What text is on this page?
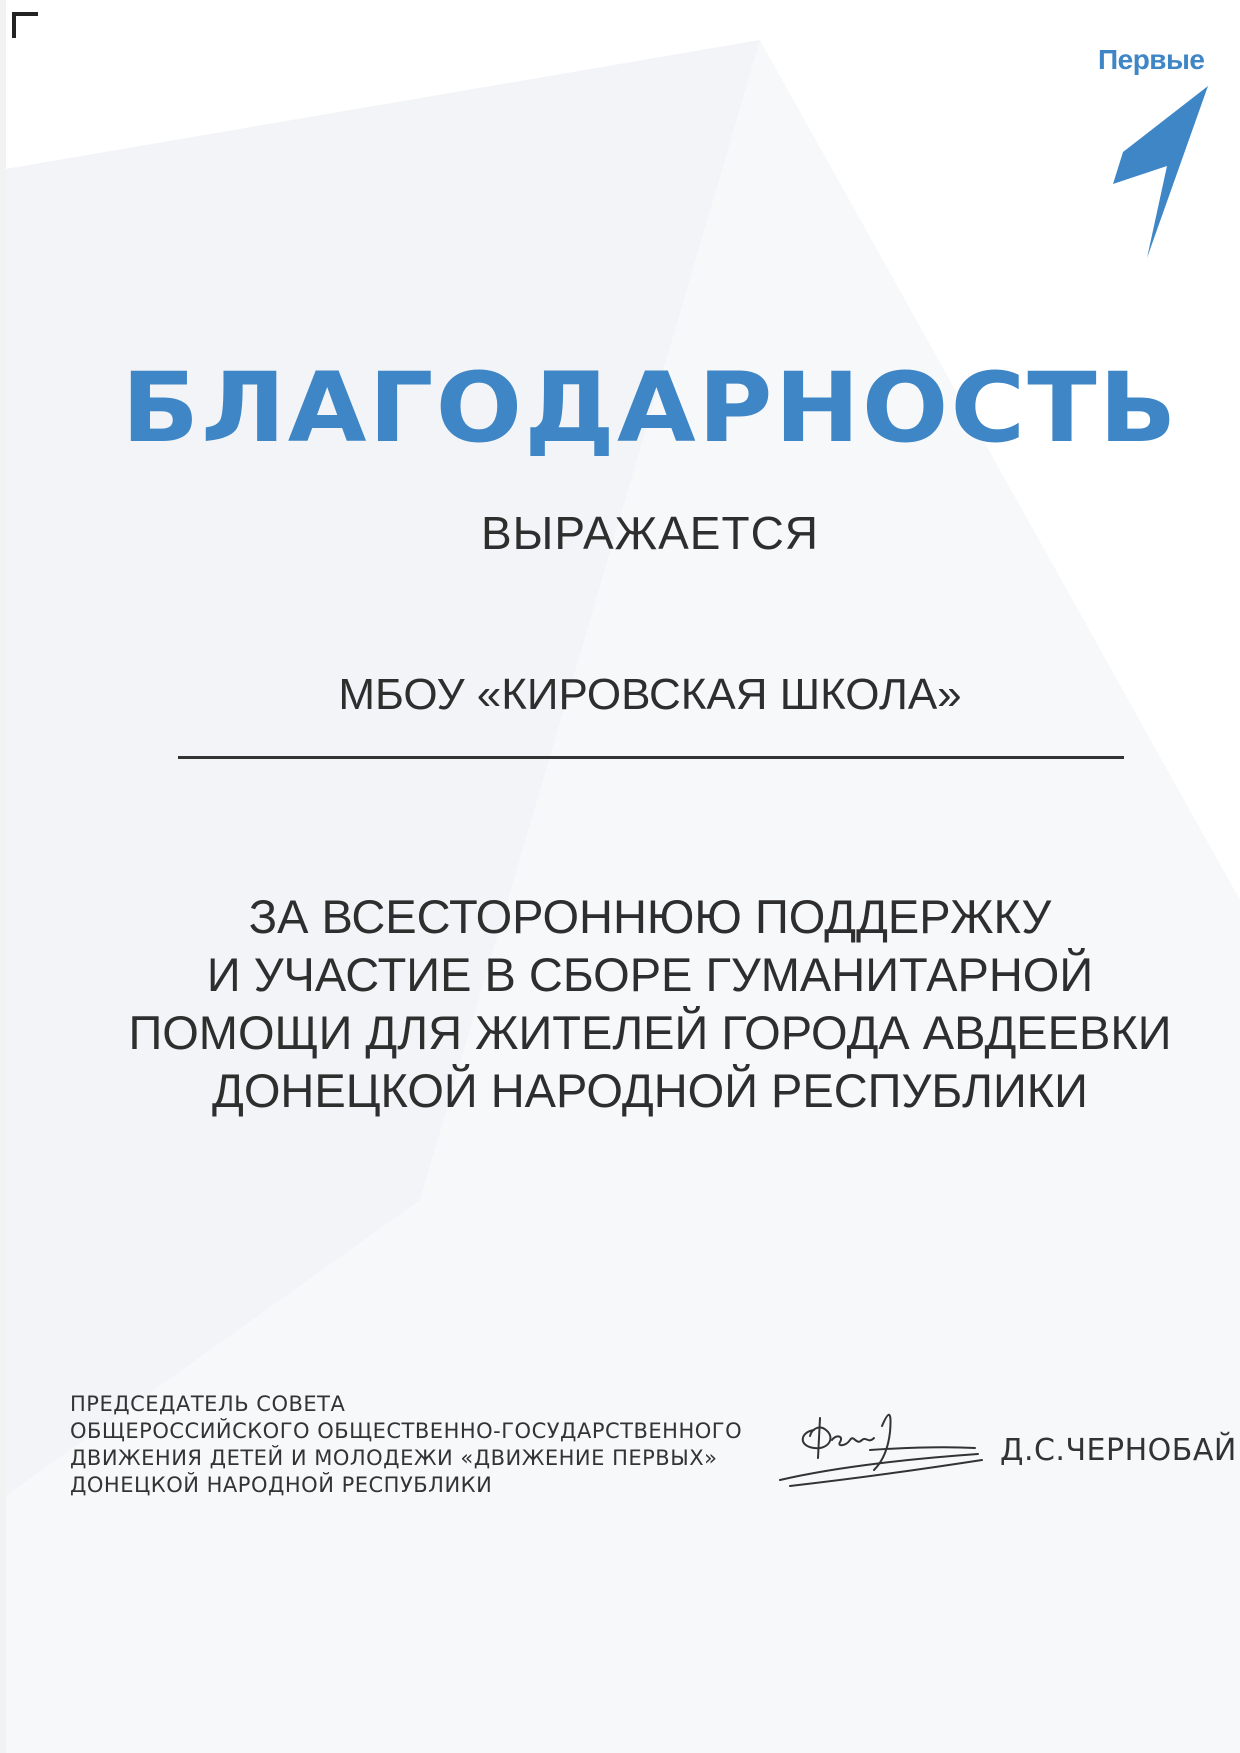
Первые
БЛАГОДАРНОСТЬ
ВЫРАЖАЕТСЯ
МБОУ «КИРОВСКАЯ ШКОЛА»
ЗА ВСЕСТОРОННЮЮ ПОДДЕРЖКУ
И УЧАСТИЕ В СБОРЕ ГУМАНИТАРНОЙ
ПОМОЩИ ДЛЯ ЖИТЕЛЕЙ ГОРОДА АВДЕЕВКИ
ДОНЕЦКОЙ НАРОДНОЙ РЕСПУБЛИКИ
ПРЕДСЕДАТЕЛЬ СОВЕТА
ОБЩЕРОССИЙСКОГО ОБЩЕСТВЕННО-ГОСУДАРСТВЕННОГО
ДВИЖЕНИЯ ДЕТЕЙ И МОЛОДЕЖИ «ДВИЖЕНИЕ ПЕРВЫХ»
ДОНЕЦКОЙ НАРОДНОЙ РЕСПУБЛИКИ
Д.С.ЧЕРНОБАЙ
